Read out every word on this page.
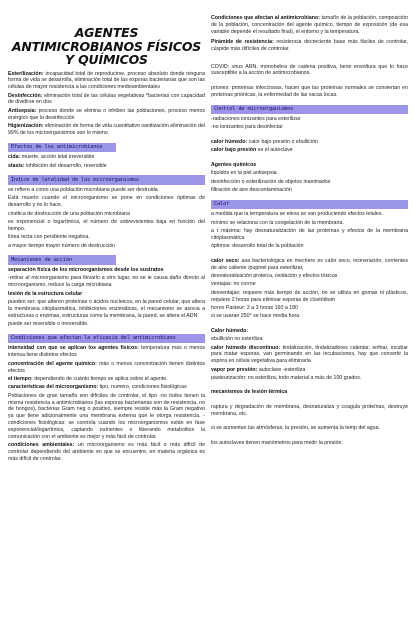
AGENTES ANTIMICROBIANOS FÍSICOS Y QUÍMICOS

Esterilización: incapacidad total de reproducirse, proceso absoluto donde ninguna forma de vida se desarrolla, eliminación total de las esporas bacterianas que son las células de mayor resistencia a las condiciones medioambientales

Desinfección: eliminación total de las células vegetativas *bacterias con capacidad de dividirse en dos

Antisepsia: proceso donde se elimina o inhiben las poblaciones, proceso menos enérgico que la desinfección

Higienización: eliminación de forma de vida cuantitativo sanitización eliminación del 99% de los microorganismos son lo mismo.

Efectos de los antimicrobianos

cida: muerte, acción letal irreversible

stasis: inhibición del desarrollo, reversible

Índice de letalidad de los microorganismos

se refiere a como una población microbiana puede ser destruida

Está muerto cuando el microorganismo se pone en condiciones óptimas de desarrollo y no lo hace.

cinética de destrucción de una población microbiana

es exponencial o logarítmica, el número de sobrevivientes baja en función del tiempo.

línea recta con pendiente negativa.

a mayor tiempo mayor número de destrucción

Mecanismos de acción

separación física de los microorganismos desde los sustratos

-retirar al microorganismo para llevarlo a otro lugar, no se le causa daño directo al microorganismo, reduce la carga microbiana

lesión de la estructura celular

pueden ser: que alteren proteínas o ácidos nucleicos, en la pared celular, que altera la membrana citoplasmática, inhibiciones enzimáticas, el mecanismo se asocia a estructuras o enzimas, estructuras como la membrana, la pared, se altera el ADN

puede ser reversible o irreversible.

Condiciones que afectan la eficacia del antimicrobiano

intensidad con que se aplican los agentes físicos: temperatura más o menos intensa tiene distintos efectos

concentración del agente químico: más o menos concentración tienen distintos efectos

el tiempo: dependiendo de cuánto tiempo se aplica sobre el agente.

características del microorganismo: tipo, numero, condiciones fisiológicas

Poblaciones de gran tamaño son difíciles de controlar, el tipo -no todos tienen la misma resistencia a antimicrobianos (las esporas bacterianas son de resistencia, no de hongos), bacterias Gram neg o positivo, siempre resiste más la Gram negativo ya que tiene adicionalmente una membrana externa que le otorga resistencia. -condiciones fisiológicas: se controla cuando los microorganismos están en fase exponencial/logarítmica, captando nutrientes o liberando metabolitos la comunicación con el ambiente es mejor y más fácil de controlar.

condiciones ambientales: un microorganismo es más fácil o más difícil de controlar dependiendo del ambiente en que se encuentre, en materia orgánica es más difícil de controlar.

Condiciones que afectan al antimicrobiano: tamaño de la población, composición de la población, concentración del agente químico, tiempo de exposición (de esa variable depende el resultado final), el entorno y la temperatura.

Pirámide de resistencia: resistencia decreciente base más fáciles de controlar, cúspide más difíciles de controlar.

COVID: virus ARN, monohebra de cadena positiva, tiene envoltura que lo hace susceptible a la acción de antimicrobianos.

priones: proteínas infecciosas, hacen que las proteínas normales se conviertan en proteínas priónicas, la enfermedad de las vacas locas.

Control de microorganismos

-radiaciones ionizantes para esterilizar

-no ionizantes para desinfectar

calor húmedo: calor bajo presión o ebullición

calor bajo presión es el autoclave

Agentes químicos

líquidos en la piel antisepsia

desinfección o esterilización de objetos inanimados

filtración de aire descontaminación

Calor

a medida que la temperatura se eleva se van produciendo efectos letales.

mínimo se relaciona con la congelación de la membrana.

a t máxima: hay desnaturalización de las proteínas y efectos de la membrana citoplasmática

óptimos: desarrollo total de la población

calor seco: asa bacteriológica en mechero es calor seco, incineración, corrientes de aire caliente /pupinel para esterilizar,

desnaturalización proteica, oxidación y efectos tóxicos

ventajas: no corroe

desventajas: requiere más tiempo de acción, no se utiliza en gomas ni plásticos, requiere 2 horas para eliminar esporas de clostridium

horno Pasteur: 2 a 3 horas 160 a 180

si se usaran 250° se hace media hora

Calor húmedo:

ebullición no esteriliza

calor húmedo discontinuo: tindalización, tindalizadores calentar, enfriar, incubar para matar esporas, van germinando en las incubaciones, hay que convertir la espora en célula vegetativa para eliminarla

vapor por presión: autoclave -esteriliza

pasteurización: no esteriliza, todo material a más de 100 grados.

mecanismos de lesión térmica

ruptura y degradación de membrana, desnaturaliza y coagula proteínas, destruye membrana, etc.

si se aumentan las atmósferas, la presión, se aumenta la temp del agua.

los autoclaves tienen manómetros para medir la presión.
